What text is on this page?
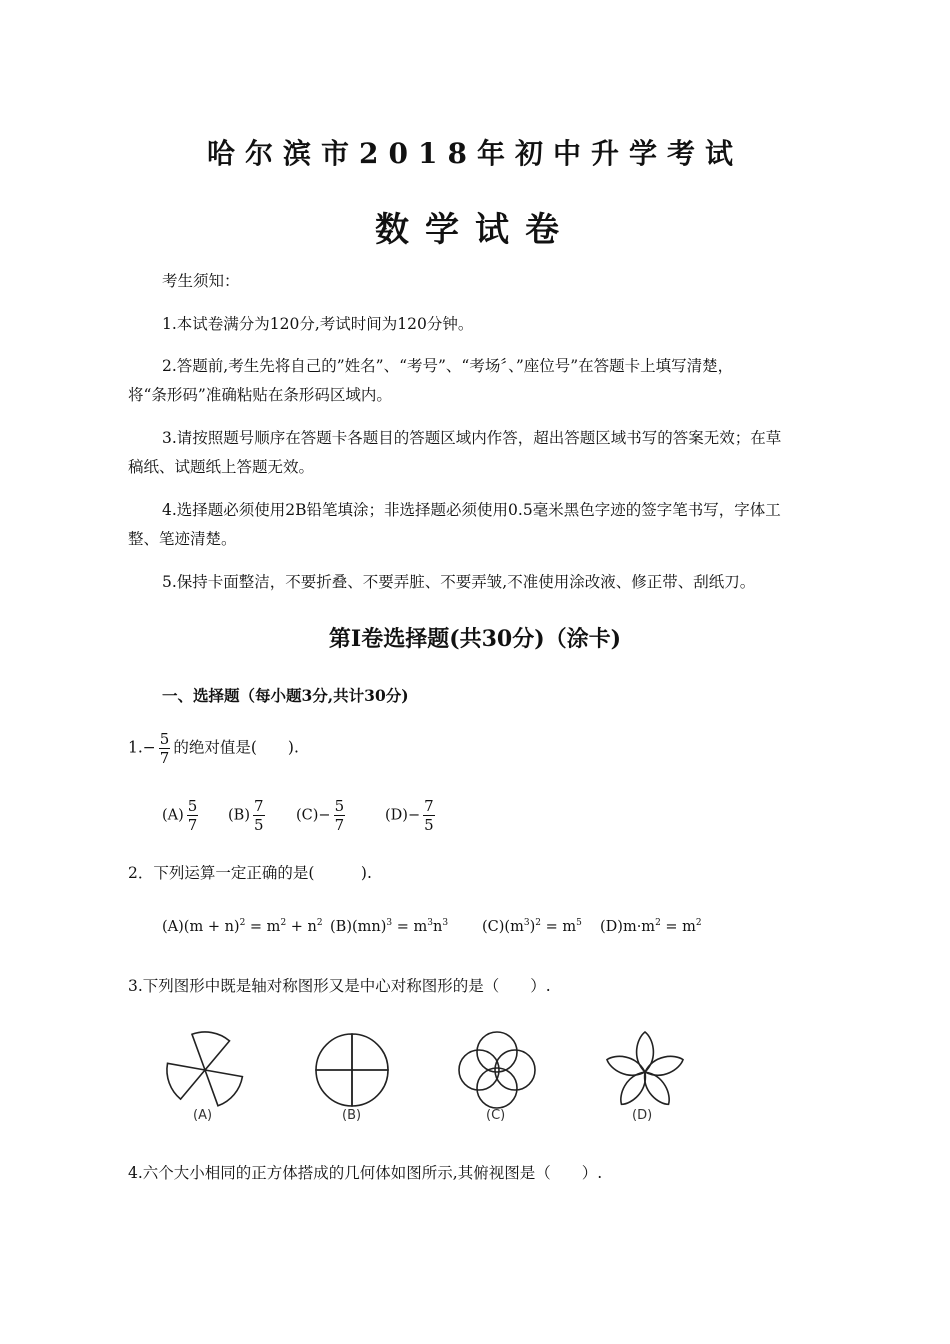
哈尔滨市2018年初中升学考试
数学试卷
考生须知：
1.本试卷满分为120分,考试时间为120分钟。
2.答题前,考生先将自己的”姓名”、“考号”、“考场〞、”座位号”在答题卡上填写清楚，
将“条形码”准确粘贴在条形码区域内。
3.请按照题号顺序在答题卡各题目的答题区域内作答，超出答题区域书写的答案无效；在草
稿纸、试题纸上答题无效。
4.选择题必须使用2B铅笔填涂；非选择题必须使用0.5毫米黑色字迹的签字笔书写，字体工
整、笔迹清楚。
5.保持卡面整洁，不要折叠、不要弄脏、不要弄皱,不准使用涂改液、修正带、刮纸刀。
第Ⅰ卷选择题(共30分)（涂卡)
一、选择题（每小题3分,共计30分)
$1.- \frac{5}{7}$ 的绝对值是(　　).
$(A) \frac{5}{7} (B) \frac{7}{5} (C)- \frac{5}{7}$	$(D)- \frac{7}{5}$
2．下列运算一定正确的是(　　　).
$(A)(m + n)^2 = m^2 + n^2$ $(B)(mn)^3 = m^3n^3$ $(C)(m^3)^2 = m^5$ $(D)m\cdot m^2 = m^2$
3.下列图形中既是轴对称图形又是中心对称图形的是（　　）.
(A)	(B)	(C)	(D)
4.六个大小相同的正方体搭成的几何体如图所示,其俯视图是（　　）.
